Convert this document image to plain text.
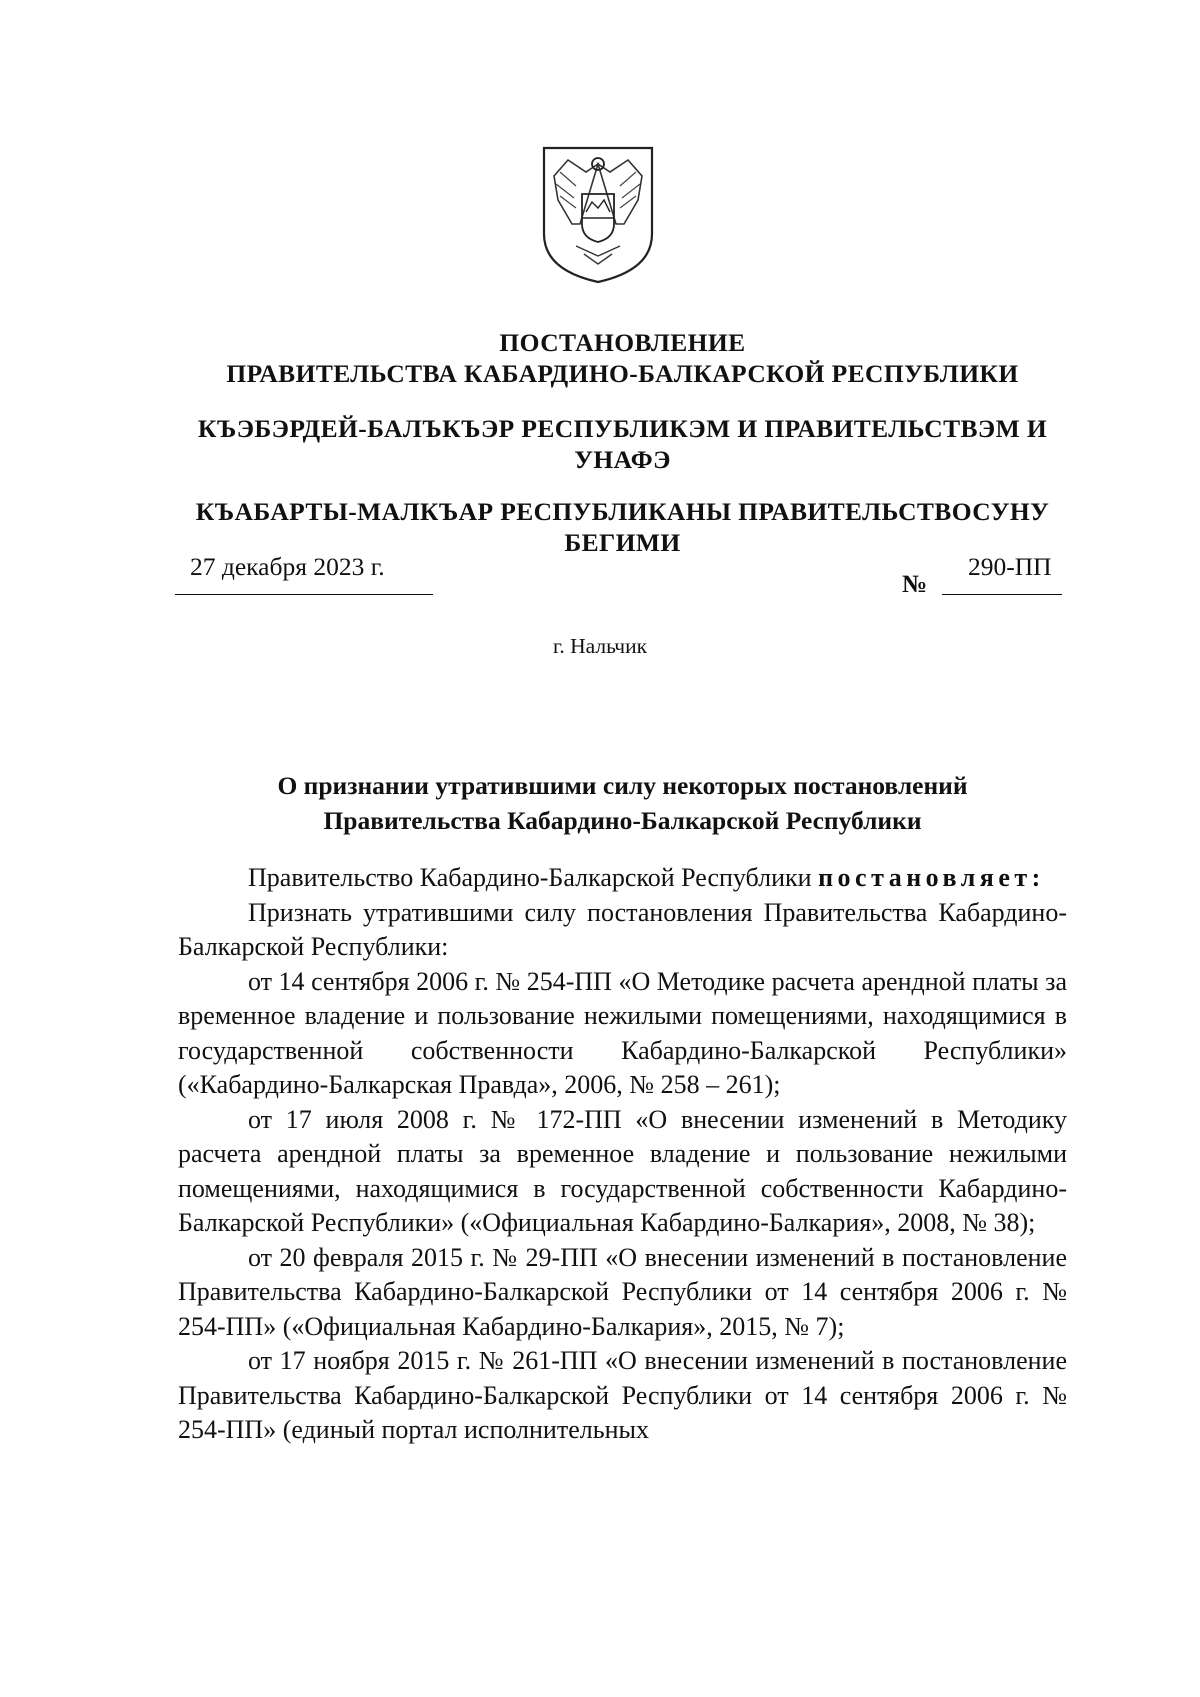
ПОСТАНОВЛЕНИЕ
ПРАВИТЕЛЬСТВА КАБАРДИНО-БАЛКАРСКОЙ РЕСПУБЛИКИ
КЪЭБЭРДЕЙ-БАЛЪКЪЭР РЕСПУБЛИКЭМ И ПРАВИТЕЛЬСТВЭМ И
УНАФЭ
КЪАБАРТЫ-МАЛКЪАР РЕСПУБЛИКАНЫ ПРАВИТЕЛЬСТВОСУНУ
БЕГИМИ
27 декабря 2023 г.
№
290-ПП
г. Нальчик
О признании утратившими силу некоторых постановлений
Правительства Кабардино-Балкарской Республики

Правительство Кабардино-Балкарской Республики постановляет:

Признать утратившими силу постановления Правительства Кабардино-Балкарской Республики:

от 14 сентября 2006 г. № 254-ПП «О Методике расчета арендной платы за временное владение и пользование нежилыми помещениями, находящимися в государственной собственности Кабардино-Балкарской Республики» («Кабардино-Балкарская Правда», 2006, № 258 – 261);

от 17 июля 2008 г. № 172-ПП «О внесении изменений в Методику расчета арендной платы за временное владение и пользование нежилыми помещениями, находящимися в государственной собственности Кабардино-Балкарской Республики» («Официальная Кабардино-Балкария», 2008, № 38);

от 20 февраля 2015 г. № 29-ПП «О внесении изменений в постановление Правительства Кабардино-Балкарской Республики от 14 сентября 2006 г. № 254-ПП» («Официальная Кабардино-Балкария», 2015, № 7);

от 17 ноября 2015 г. № 261-ПП «О внесении изменений в постановление Правительства Кабардино-Балкарской Республики от 14 сентября 2006 г. № 254-ПП» (единый портал исполнительных
